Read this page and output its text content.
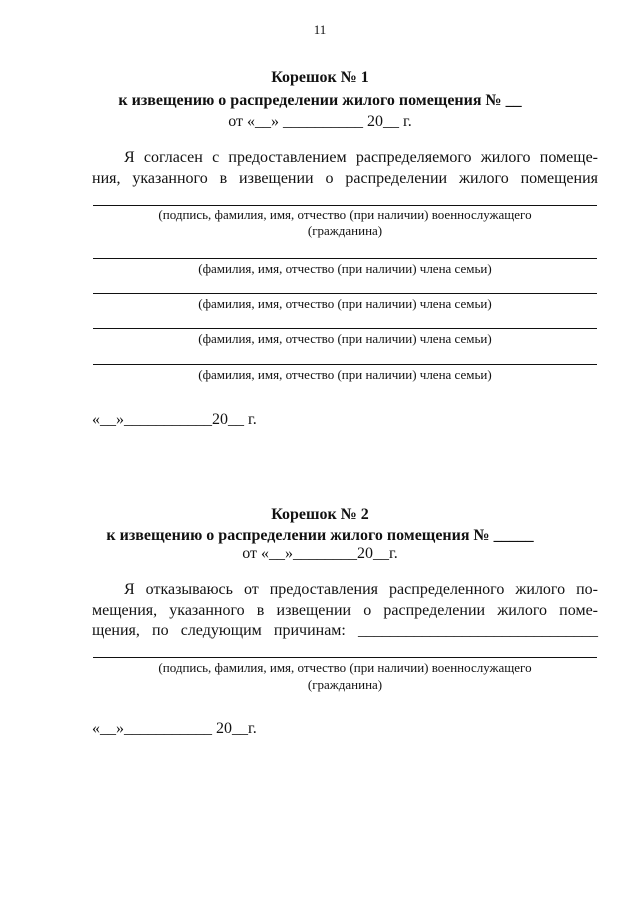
11
Корешок № 1
к извещению о распределении жилого помещения № __
от «__» __________ 20__ г.
Я согласен с предоставлением распределяемого жилого помеще-
ния, указанного в извещении о распределении жилого помещения
(подпись, фамилия, имя, отчество (при наличии) военнослужащего
(гражданина)
(фамилия, имя, отчество (при наличии) члена семьи)
(фамилия, имя, отчество (при наличии) члена семьи)
(фамилия, имя, отчество (при наличии) члена семьи)
(фамилия, имя, отчество (при наличии) члена семьи)
«__»___________20__ г.
Корешок № 2
к извещению о распределении жилого помещения № _____
от «__»________20__г.
Я отказываюсь от предоставления распределенного жилого по-
мещения, указанного в извещении о распределении жилого поме-
щения, по следующим причинам: ______________________________
(подпись, фамилия, имя, отчество (при наличии) военнослужащего
(гражданина)
«__»___________ 20__г.
